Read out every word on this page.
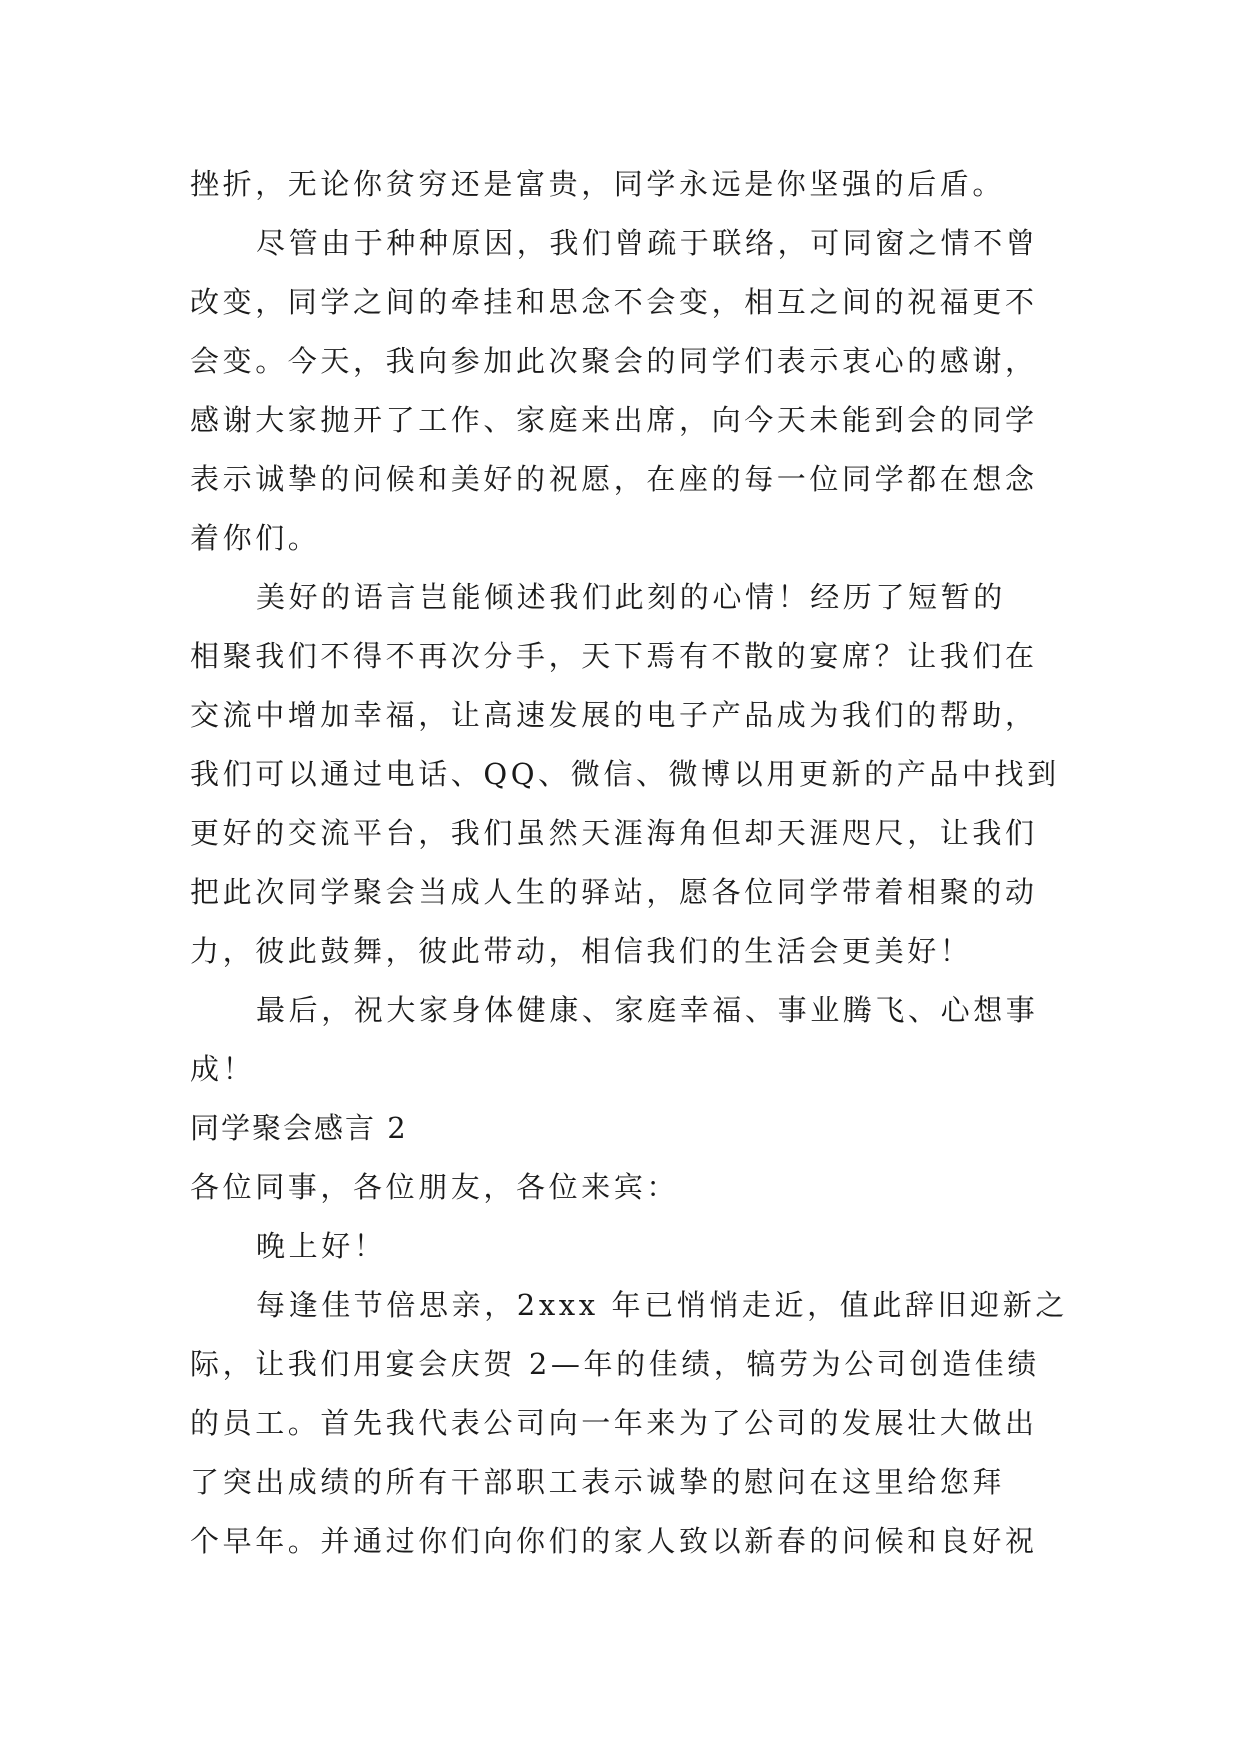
挫折，无论你贫穷还是富贵，同学永远是你坚强的后盾。
尽管由于种种原因，我们曾疏于联络，可同窗之情不曾
改变，同学之间的牵挂和思念不会变，相互之间的祝福更不
会变。今天，我向参加此次聚会的同学们表示衷心的感谢，
感谢大家抛开了工作、家庭来出席，向今天未能到会的同学
表示诚挚的问候和美好的祝愿，在座的每一位同学都在想念
着你们。
美好的语言岂能倾述我们此刻的心情！经历了短暂的
相聚我们不得不再次分手，天下焉有不散的宴席？让我们在
交流中增加幸福，让高速发展的电子产品成为我们的帮助，
我们可以通过电话、QQ、微信、微博以用更新的产品中找到
更好的交流平台，我们虽然天涯海角但却天涯咫尺，让我们
把此次同学聚会当成人生的驿站，愿各位同学带着相聚的动
力，彼此鼓舞，彼此带动，相信我们的生活会更美好！
最后，祝大家身体健康、家庭幸福、事业腾飞、心想事
成！
同学聚会感言 2
各位同事，各位朋友，各位来宾：
晚上好！
每逢佳节倍思亲，2xxx 年已悄悄走近，值此辞旧迎新之
际，让我们用宴会庆贺 2—年的佳绩，犒劳为公司创造佳绩
的员工。首先我代表公司向一年来为了公司的发展壮大做出
了突出成绩的所有干部职工表示诚挚的慰问在这里给您拜
个早年。并通过你们向你们的家人致以新春的问候和良好祝
